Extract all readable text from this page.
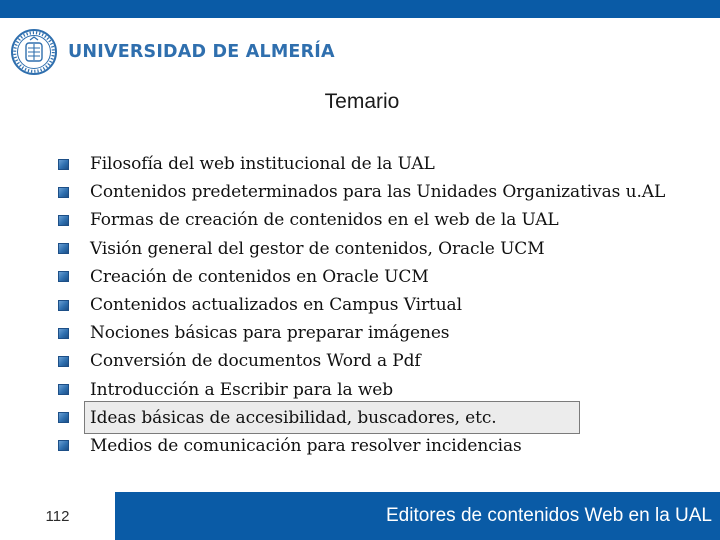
UNIVERSIDAD DE ALMERÍA
Temario
Filosofía del web institucional de la UAL
Contenidos predeterminados para las Unidades Organizativas u.AL
Formas de creación de contenidos en el web de la UAL
Visión general del gestor de contenidos, Oracle UCM
Creación de contenidos en Oracle UCM
Contenidos actualizados en Campus Virtual
Nociones básicas para preparar imágenes
Conversión de documentos Word a Pdf
Introducción a Escribir para la web
Ideas básicas de accesibilidad, buscadores, etc.
Medios de comunicación para resolver incidencias
112	Editores de contenidos Web en la UAL
